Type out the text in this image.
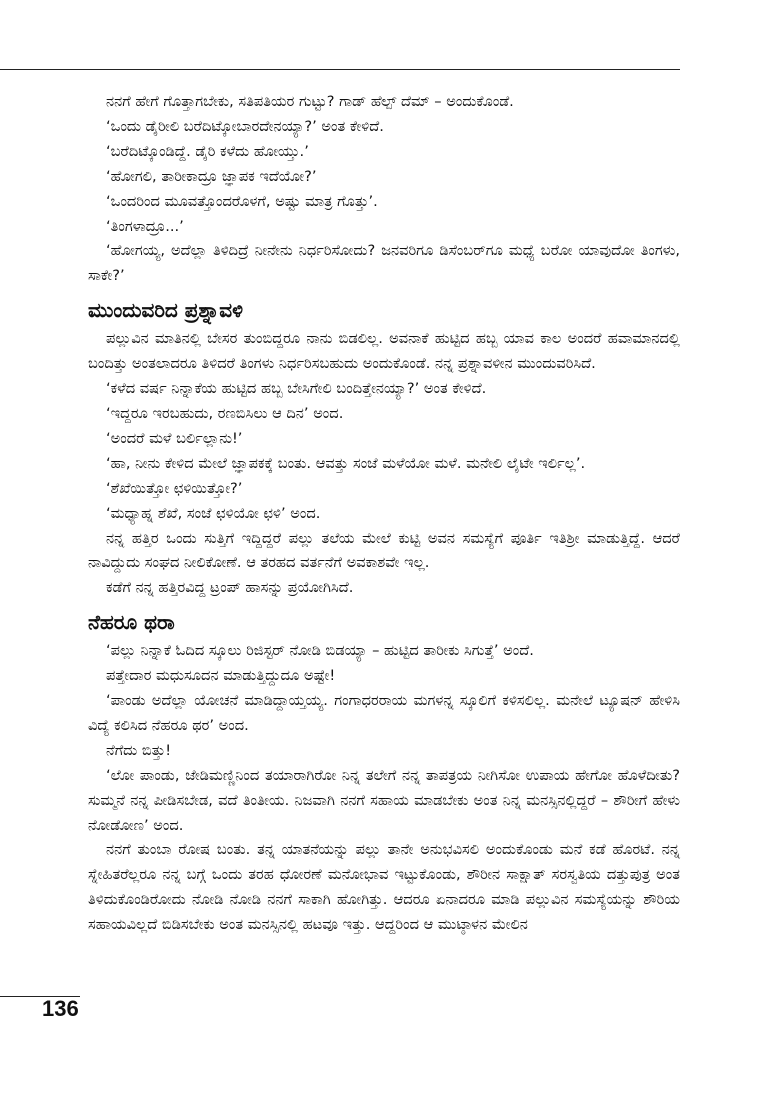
ನನಗೆ ಹೇಗೆ ಗೊತ್ತಾಗಬೇಕು, ಸತಿಪತಿಯರ ಗುಟ್ಟು? ಗಾಡ್ ಹೆಲ್ಪ್ ದೆಮ್ – ಅಂದುಕೊಂಡೆ.

‘ಒಂದು ಡೈರೀಲಿ ಬರೆದಿಟ್ಕೋಬಾರದೇನಯ್ಯಾ?’ ಅಂತ ಕೇಳಿದೆ.

‘ಬರೆದಿಟ್ಕೊಂಡಿದ್ದೆ. ಡೈರಿ ಕಳೆದು ಹೋಯ್ತು.’

‘ಹೋಗಲಿ, ತಾರೀಕಾದ್ರೂ ಜ್ಞಾಪಕ ಇದೆಯೋ?’

‘ಒಂದರಿಂದ ಮೂವತ್ತೊಂದರೊಳಗೆ, ಅಷ್ಟು ಮಾತ್ರ ಗೊತ್ತು’.

‘ತಿಂಗಳಾದ್ರೂ...’

‘ಹೋಗಯ್ಯ, ಅದೆಲ್ಲಾ ತಿಳಿದಿದ್ರೆ ನೀನೇನು ನಿರ್ಧರಿಸೋದು? ಜನವರಿಗೂ ಡಿಸೆಂಬರ್‌ಗೂ ಮಧ್ಯೆ ಬರೋ ಯಾವುದೋ ತಿಂಗಳು, ಸಾಕೇ?’

ಮುಂದುವರಿದ ಪ್ರಶ್ನಾವಳಿ

ಪಲ್ಲುವಿನ ಮಾತಿನಲ್ಲಿ ಬೇಸರ ತುಂಬಿದ್ದರೂ ನಾನು ಬಿಡಲಿಲ್ಲ. ಅವನಾಕೆ ಹುಟ್ಟಿದ ಹಬ್ಬ ಯಾವ ಕಾಲ ಅಂದರೆ ಹವಾಮಾನದಲ್ಲಿ ಬಂದಿತ್ತು ಅಂತಲಾದರೂ ತಿಳಿದರೆ ತಿಂಗಳು ನಿರ್ಧರಿಸಬಹುದು ಅಂದುಕೊಂಡೆ. ನನ್ನ ಪ್ರಶ್ನಾವಳೀನ ಮುಂದುವರಿಸಿದೆ.

‘ಕಳೆದ ವರ್ಷ ನಿನ್ನಾಕೆಯ ಹುಟ್ಟಿದ ಹಬ್ಬ ಬೇಸಿಗೇಲಿ ಬಂದಿತ್ತೇನಯ್ಯಾ?’ ಅಂತ ಕೇಳಿದೆ.

‘ಇದ್ದರೂ ಇರಬಹುದು, ರಣಬಿಸಿಲು ಆ ದಿನ’ ಅಂದ.

‘ಅಂದರೆ ಮಳೆ ಬರ್ಲಿಲ್ಲಾನು!’

‘ಹಾ, ನೀನು ಕೇಳಿದ ಮೇಲೆ ಜ್ಞಾಪಕಕ್ಕೆ ಬಂತು. ಆವತ್ತು ಸಂಜೆ ಮಳೆಯೋ ಮಳೆ. ಮನೇಲಿ ಲೈಟೇ ಇರ್ಲಿಲ್ಲ’.

‘ಶೆಖೆಯಿತ್ತೋ ಛಳಿಯಿತ್ತೋ?’

‘ಮಧ್ಯಾಹ್ನ ಶೆಖೆ, ಸಂಜೆ ಛಳಿಯೋ ಛಳಿ’ ಅಂದ.

ನನ್ನ ಹತ್ತಿರ ಒಂದು ಸುತ್ತಿಗೆ ಇದ್ದಿದ್ದರೆ ಪಲ್ಲು ತಲೆಯ ಮೇಲೆ ಕುಟ್ಟಿ ಅವನ ಸಮಸ್ಯೆಗೆ ಪೂರ್ತಿ ಇತಿಶ್ರೀ ಮಾಡುತ್ತಿದ್ದೆ. ಆದರೆ ನಾವಿದ್ದುದು ಸಂಘದ ನೀಲಿಕೋಣೆ. ಆ ತರಹದ ವರ್ತನೆಗೆ ಅವಕಾಶವೇ ಇಲ್ಲ.

ಕಡೆಗೆ ನನ್ನ ಹತ್ತಿರವಿದ್ದ ಟ್ರಂಪ್ ಹಾಸನ್ನು ಪ್ರಯೋಗಿಸಿದೆ.

ನೆಹರೂ ಥರಾ

‘ಪಲ್ಲು ನಿನ್ನಾಕೆ ಓದಿದ ಸ್ಕೂಲು ರಿಜಿಸ್ಟರ್ ನೋಡಿ ಬಿಡಯ್ಯಾ – ಹುಟ್ಟಿದ ತಾರೀಕು ಸಿಗುತ್ತೆ’ ಅಂದೆ.

ಪತ್ತೇದಾರ ಮಧುಸೂದನ ಮಾಡುತ್ತಿದ್ದುದೂ ಅಷ್ಟೇ!

‘ಪಾಂಡು ಅದೆಲ್ಲಾ ಯೋಚನೆ ಮಾಡಿದ್ದಾಯ್ತಯ್ಯ. ಗಂಗಾಧರರಾಯ ಮಗಳನ್ನ ಸ್ಕೂಲಿಗೆ ಕಳಿಸಲಿಲ್ಲ. ಮನೇಲೆ ಟ್ಯೂಷನ್ ಹೇಳಿಸಿ ವಿದ್ಯೆ ಕಲಿಸಿದ ನೆಹರೂ ಥರ’ ಅಂದ.

ನೆಗೆದು ಬಿತ್ತು!

‘ಲೋ ಪಾಂಡು, ಜೇಡಿಮಣ್ಣಿನಿಂದ ತಯಾರಾಗಿರೋ ನಿನ್ನ ತಲೇಗೆ ನನ್ನ ತಾಪತ್ರಯ ನೀಗಿಸೋ ಉಪಾಯ ಹೇಗೋ ಹೊಳೆದೀತು? ಸುಮ್ಮನೆ ನನ್ನ ಪೀಡಿಸಬೇಡ, ವದೆ ತಿಂತೀಯ. ನಿಜವಾಗಿ ನನಗೆ ಸಹಾಯ ಮಾಡಬೇಕು ಅಂತ ನಿನ್ನ ಮನಸ್ಸಿನಲ್ಲಿದ್ದರೆ – ಶೌರೀಗೆ ಹೇಳು ನೋಡೋಣ’ ಅಂದ.

ನನಗೆ ತುಂಬಾ ರೋಷ ಬಂತು. ತನ್ನ ಯಾತನೆಯನ್ನು ಪಲ್ಲು ತಾನೇ ಅನುಭವಿಸಲಿ ಅಂದುಕೊಂಡು ಮನೆ ಕಡೆ ಹೊರಟೆ. ನನ್ನ ಸ್ನೇಹಿತರೆಲ್ಲರೂ ನನ್ನ ಬಗ್ಗೆ ಒಂದು ತರಹ ಧೋರಣೆ ಮನೋಭಾವ ಇಟ್ಟುಕೊಂಡು, ಶೌರೀನ ಸಾಕ್ಷಾತ್ ಸರಸ್ವತಿಯ ದತ್ತುಪುತ್ರ ಅಂತ ತಿಳಿದುಕೊಂಡಿರೋದು ನೋಡಿ ನೋಡಿ ನನಗೆ ಸಾಕಾಗಿ ಹೋಗಿತ್ತು. ಆದರೂ ಏನಾದರೂ ಮಾಡಿ ಪಲ್ಲುವಿನ ಸಮಸ್ಯೆಯನ್ನು ಶೌರಿಯ ಸಹಾಯವಿಲ್ಲದೆ ಬಿಡಿಸಬೇಕು ಅಂತ ಮನಸ್ಸಿನಲ್ಲಿ ಹಟವೂ ಇತ್ತು. ಆದ್ದರಿಂದ ಆ ಮುಟ್ಠಾಳನ ಮೇಲಿನ

136
